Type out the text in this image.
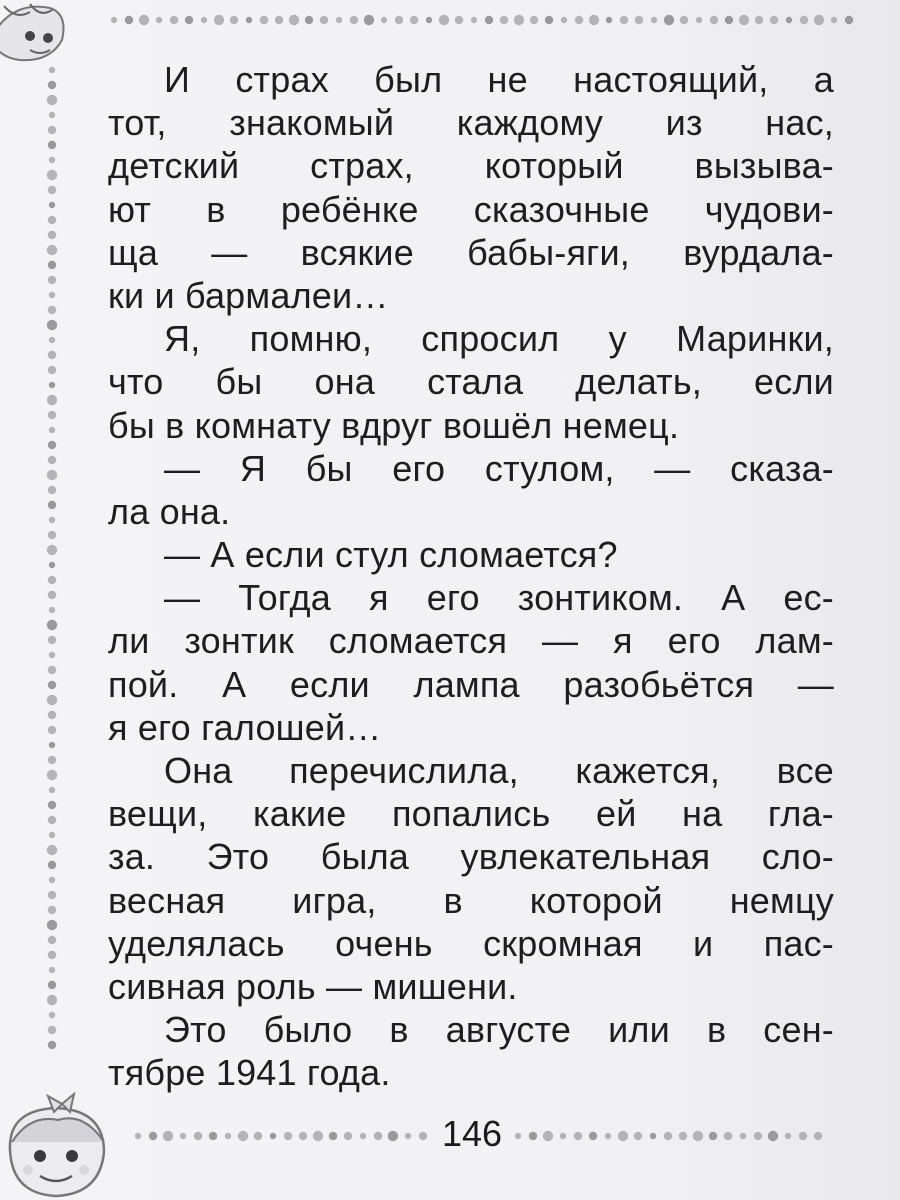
И страх был не настоящий, а
тот, знакомый каждому из нас,
детский страх, который вызыва-
ют в ребёнке сказочные чудови-
ща — всякие бабы-яги, вурдала-
ки и бармалеи…
Я, помню, спросил у Маринки,
что бы она стала делать, если
бы в комнату вдруг вошёл немец.
— Я бы его стулом, — сказа-
ла она.
— А если стул сломается?
— Тогда я его зонтиком. А ес-
ли зонтик сломается — я его лам-
пой. А если лампа разобьётся —
я его галошей…
Она перечислила, кажется, все
вещи, какие попались ей на гла-
за. Это была увлекательная сло-
весная игра, в которой немцу
уделялась очень скромная и пас-
сивная роль — мишени.
Это было в августе или в сен-
тябре 1941 года.
146
